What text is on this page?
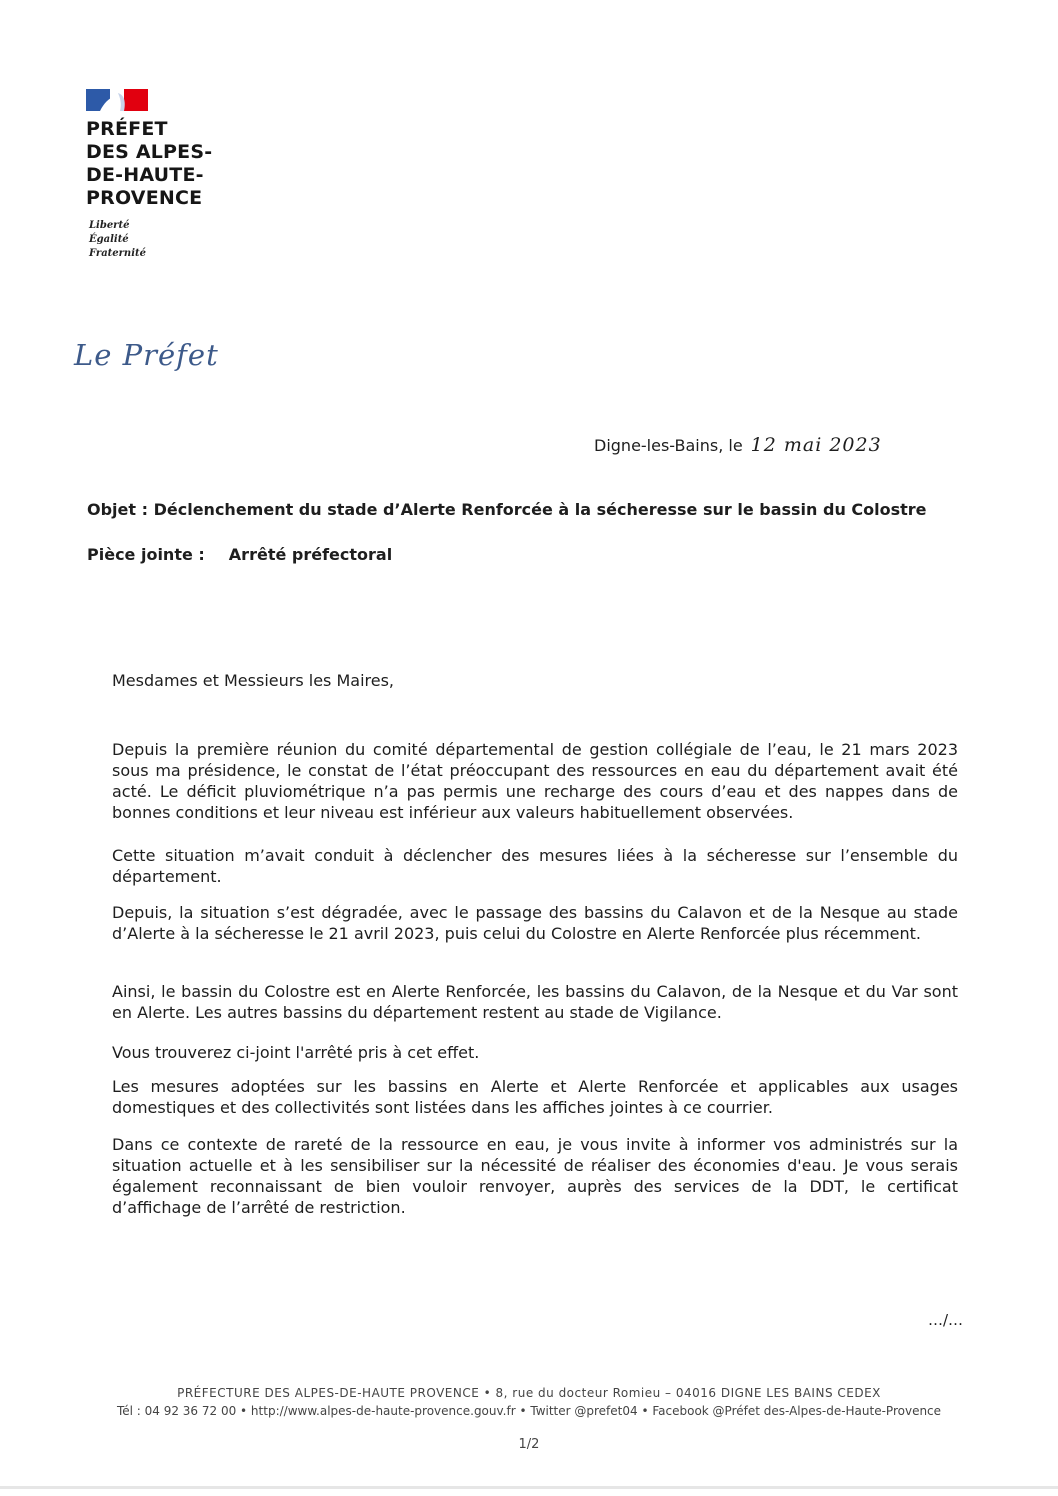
PRÉFET
DES ALPES-
DE-HAUTE-
PROVENCE
Liberté
Égalité
Fraternité
Le Préfet
Digne-les-Bains, le 12 mai 2023
Objet : Déclenchement du stade d’Alerte Renforcée à la sécheresse sur le bassin du Colostre
Pièce jointe : Arrêté préfectoral
Mesdames et Messieurs les Maires,
Depuis la première réunion du comité départemental de gestion collégiale de l’eau, le 21 mars 2023 sous ma présidence, le constat de l’état préoccupant des ressources en eau du département avait été acté. Le déficit pluviométrique n’a pas permis une recharge des cours d’eau et des nappes dans de bonnes conditions et leur niveau est inférieur aux valeurs habituellement observées.
Cette situation m’avait conduit à déclencher des mesures liées à la sécheresse sur l’ensemble du département.
Depuis, la situation s’est dégradée, avec le passage des bassins du Calavon et de la Nesque au stade d’Alerte à la sécheresse le 21 avril 2023, puis celui du Colostre en Alerte Renforcée plus récemment.
Ainsi, le bassin du Colostre est en Alerte Renforcée, les bassins du Calavon, de la Nesque et du Var sont en Alerte. Les autres bassins du département restent au stade de Vigilance.
Vous trouverez ci-joint l'arrêté pris à cet effet.
Les mesures adoptées sur les bassins en Alerte et Alerte Renforcée et applicables aux usages domestiques et des collectivités sont listées dans les affiches jointes à ce courrier.
Dans ce contexte de rareté de la ressource en eau, je vous invite à informer vos administrés sur la situation actuelle et à les sensibiliser sur la nécessité de réaliser des économies d'eau. Je vous serais également reconnaissant de bien vouloir renvoyer, auprès des services de la DDT, le certificat d’affichage de l’arrêté de restriction.
…/…
PRÉFECTURE DES ALPES-DE-HAUTE PROVENCE • 8, rue du docteur Romieu – 04016 DIGNE LES BAINS CEDEX
Tél : 04 92 36 72 00 • http://www.alpes-de-haute-provence.gouv.fr • Twitter @prefet04 • Facebook @Préfet des-Alpes-de-Haute-Provence
1/2
